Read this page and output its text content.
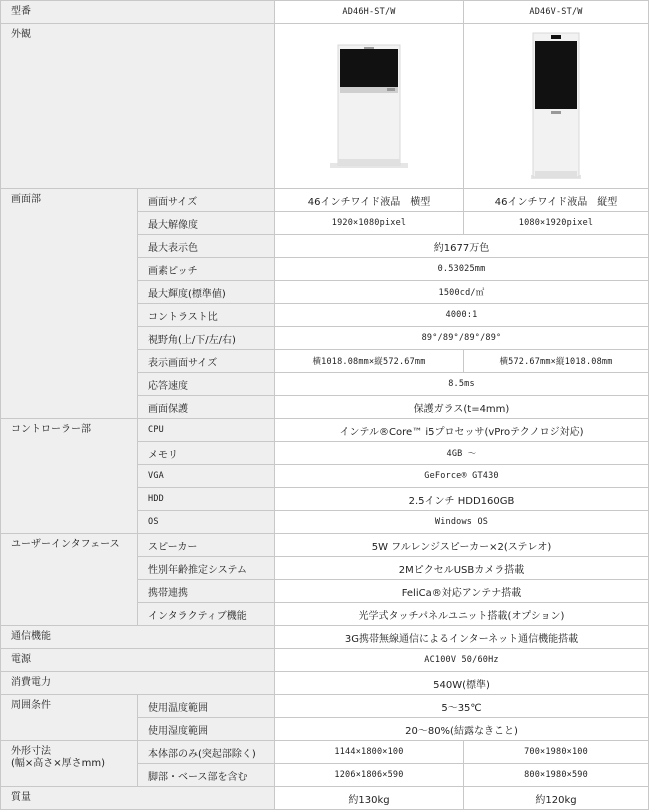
型番		AD46H-ST/W	AD46V-ST/W
外観	

画面部	画面サイズ	46インチワイド液晶　横型	46インチワイド液晶　縦型
	最大解像度	1920×1080pixel	1080×1920pixel
	最大表示色	約1677万色	
	画素ピッチ	0.53025mm	
	最大輝度(標準値)	1500cd/㎡	
	コントラスト比	4000:1	
	視野角(上/下/左/右)	89°/89°/89°/89°	
	表示画面サイズ	横1018.08mm×縦572.67mm	横572.67mm×縦1018.08mm
	応答速度	8.5ms	
	画面保護	保護ガラス(t=4mm)	
コントローラー部	CPU	インテル®Core™ i5プロセッサ(vProテクノロジ対応)	
	メモリ	4GB ～	
	VGA	GeForce® GT430	
	HDD	2.5インチ HDD160GB	
	OS	Windows OS	
ユーザーインタフェース	スピーカー	5W フルレンジスピーカー×2(ステレオ)	
	性別年齢推定システム	2MピクセルUSBカメラ搭載	
	携帯連携	FeliCa®対応アンテナ搭載	
	インタラクティブ機能	光学式タッチパネルユニット搭載(オプション)	
通信機能		3G携帯無線通信によるインターネット通信機能搭載	
電源		AC100V 50/60Hz	
消費電力		540W(標準)	
周囲条件	使用温度範囲	5～35℃	
	使用湿度範囲	20～80%(結露なきこと)	
外形寸法
(幅×高さ×厚さmm)	本体部のみ(突起部除く)	1144×1800×100	700×1980×100
	脚部・ベース部を含む	1206×1806×590	800×1980×590
質量		約130kg	約120kg
